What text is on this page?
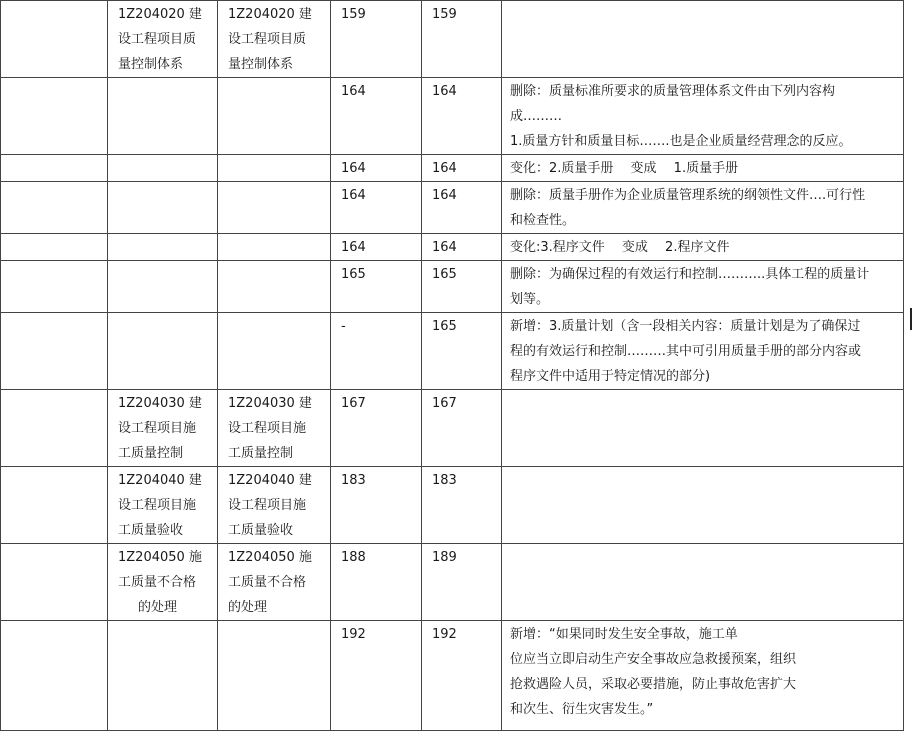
	1Z204020 建
设工程项目质
量控制体系	1Z204020 建
设工程项目质
量控制体系	159	159	

			164	164	删除：质量标准所要求的质量管理体系文件由下列内容构
成………
1.质量方针和质量目标…….也是企业质量经营理念的反应。

			164	164	变化：2.质量手册　 变成　 1.质量手册

			164	164	删除：质量手册作为企业质量管理系统的纲领性文件….可行性
和检查性。

			164	164	变化:3.程序文件　 变成　 2.程序文件

			165	165	删除：为确保过程的有效运行和控制………..具体工程的质量计
划等。

			-	165	新增：3.质量计划（含一段相关内容：质量计划是为了确保过
程的有效运行和控制………其中可引用质量手册的部分内容或
程序文件中适用于特定情况的部分)

	1Z204030 建
设工程项目施
工质量控制	1Z204030 建
设工程项目施
工质量控制	167	167	

	1Z204040 建
设工程项目施
工质量验收	1Z204040 建
设工程项目施
工质量验收	183	183	

	1Z204050 施
工质量不合格
的处理	1Z204050 施
工质量不合格
的处理	188	189	

			192	192	新增：“如果同时发生安全事故，施工单
位应当立即启动生产安全事故应急救援预案，组织
抢救遇险人员，采取必要措施，防止事故危害扩大
和次生、衍生灾害发生。”
